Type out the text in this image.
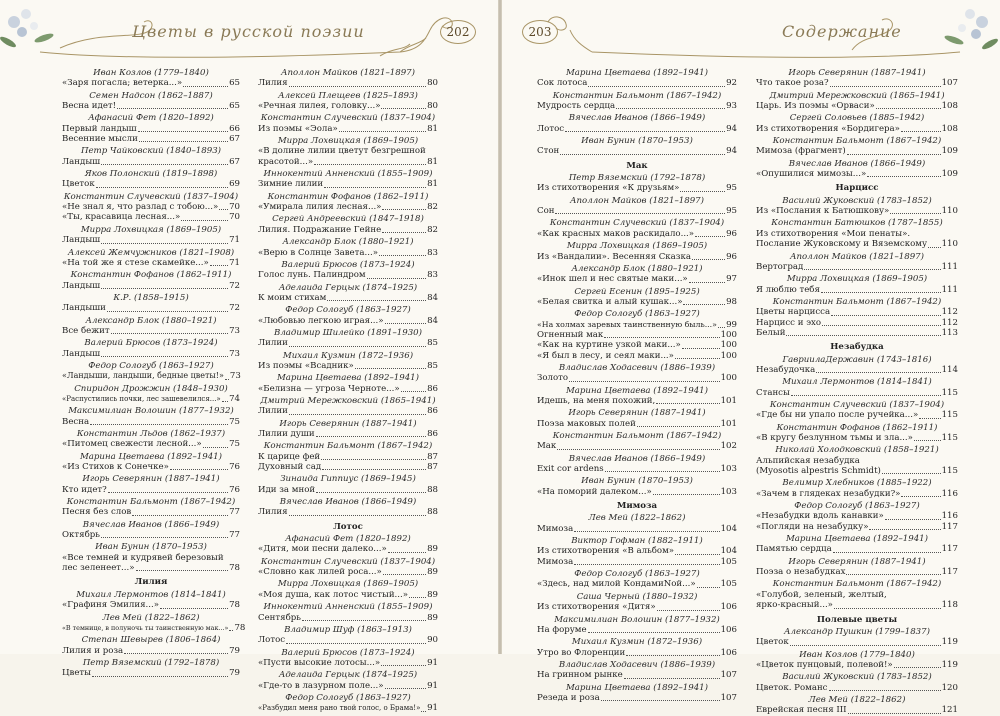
Цветы в русской поэзии	202
Иван Козлов (1779–1840)
«Заря погасла; ветерка...»	65
Семен Надсон (1862–1887)
Весна идет!	65
Афанасий Фет (1820–1892)
Первый ландыш	66
Весенние мысли	67
Петр Чайковский (1840–1893)
Ландыш	67
Яков Полонский (1819–1898)
Цветок	69
Константин Случевский (1837–1904)
«Не знал я, что разлад с тобою...» 70
«Ты, красавица лесная...»	70
Мирра Лохвицкая (1869–1905)
Ландыш	71
Алексей Жемчужников (1821–1908)
«На той же я стезе скамейке...» 71
Константин Фофанов (1862–1911)
Ландыш	72
К.Р. (1858–1915)
Ландыши	72
Александр Блок (1880–1921)
Все бежит	73
Валерий Брюсов (1873–1924)
Ландыш	73
Федор Сологуб (1863–1927)
«Ландыши, ландыши, бедные цветы!» 73
Спиридон Дрожжин (1848–1930)
«Распустились почки, лес зашевелился...» 74
Максимилиан Волошин (1877–1932)
Весна	75
Константин Льдов (1862–1937)
«Питомец свежести лесной...»	75
Марина Цветаева (1892–1941)
«Из Стихов к Сонечке»	76
Игорь Северянин (1887–1941)
Кто идет?	76
Константин Бальмонт (1867–1942)
Песня без слов	77
Вячеслав Иванов (1866–1949)
Октябрь	77
Иван Бунин (1870–1953)
«Все темней и кудрявей березовый
лес зеленеет...»	78
Лилия
Михаил Лермонтов (1814–1841)
«Графиня Эмилия...»	78
Лев Мей (1822–1862)
«В темнице, в полуночь ты таинственную мак...» 78
Степан Шевырев (1806–1864)
Лилия и роза	79
Петр Вяземский (1792–1878)
Цветы	79
Аполлон Майков (1821–1897)
Лилия	80
Алексей Плещеев (1825–1893)
«Речная лилея, головку...»	80
Константин Случевский (1837–1904)
Из поэмы «Эола»	81
Мирра Лохвицкая (1869–1905)
«В долине лилии цветут безгрешной
красотой...»	81
Иннокентий Анненский (1855–1909)
Зимние лилии	81
Константин Фофанов (1862–1911)
«Умирала лилия лесная...»	82
Сергей Андреевский (1847–1918)
Лилия. Подражание Гейне	82
Александр Блок (1880–1921)
«Верю в Солнце Завета...»	83
Валерий Брюсов (1873–1924)
Голос лунь. Палиндром	83
Аделаида Герцык (1874–1925)
К моим стихам	84
Федор Сологуб (1863–1927)
«Любовью легкою играя...»	84
Владимир Шилейко (1891–1930)
Лилии	85
Михаил Кузмин (1872–1936)
Из поэмы «Всадник»	85
Марина Цветаева (1892–1941)
«Белизна — угроза Черноте...»	86
Дмитрий Мережковский (1865–1941)
Лилии	86
Игорь Северянин (1887–1941)
Лилии души	86
Константин Бальмонт (1867–1942)
К царице фей	87
Духовный сад	87
Зинаида Гиппиус (1869–1945)
Иди за мной	88
Вячеслав Иванов (1866–1949)
Лилия	88
Лотос
Афанасий Фет (1820–1892)
«Дитя, мои песни далеко...»	89
Константин Случевский (1837–1904)
«Словно как лилей роса...»	89
Мирра Лохвицкая (1869–1905)
«Моя душа, как лотос чистый...» 89
Иннокентий Анненский (1855–1909)
Сентябрь	89
Владимир Шуф (1863–1913)
Лотос	90
Валерий Брюсов (1873–1924)
«Пусти высокие лотосы...»	91
Аделаида Герцык (1874–1925)
«Где-то в лазурном поле...»	91
Федор Сологуб (1863–1927)
«Разбудил меня рано твой голос, о Брама!» 91
203	Содержание
Марина Цветаева (1892–1941)
Сок лотоса	92
Константин Бальмонт (1867–1942)
Мудрость сердца	93
Вячеслав Иванов (1866–1949)
Лотос	94
Иван Бунин (1870–1953)
Стон	94
Мак
Петр Вяземский (1792–1878)
Из стихотворения «К друзьям»	95
Аполлон Майков (1821–1897)
Сон	95
Константин Случевский (1837–1904)
«Как красных маков раскидало...»	96
Мирра Лохвицкая (1869–1905)
Из «Вандалии». Весенняя Сказка	96
Александр Блок (1880–1921)
«Инок шел и нес святые маки...»	97
Сергей Есенин (1895–1925)
«Белая свитка и алый кушак...»	98
Федор Сологуб (1863–1927)
«На холмах заревых таинственную быль...» 99
Огненный мак	100
«Как на куртине узкой маки...»	100
«Я был в лесу, и сеял маки...»	100
Владислав Ходасевич (1886–1939)
Золото	100
Марина Цветаева (1892–1941)
Идешь, на меня похожий,	101
Игорь Северянин (1887–1941)
Поэза маковых полей	101
Константин Бальмонт (1867–1942)
Мак	102
Вячеслав Иванов (1866–1949)
Exit cor ardens	103
Иван Бунин (1870–1953)
«На поморий далеком...»	103
Мимоза
Лев Мей (1822–1862)
Мимоза	104
Виктор Гофман (1882–1911)
Из стихотворения «В альбом»	104
Мимоза	105
Федор Сологуб (1863–1927)
«Здесь, над милой КондамиNой...»	105
Саша Черный (1880–1932)
Из стихотворения «Дитя»	106
Максимилиан Волошин (1877–1932)
На форуме	106
Михаил Кузмин (1872–1936)
Утро во Флоренции	106
Владислав Ходасевич (1886–1939)
На гринном рынке	107
Марина Цветаева (1892–1941)
Резеда и роза	107
Игорь Северянин (1887–1941)
Что такое роза?	107
Дмитрий Мережковский (1865–1941)
Царь. Из поэмы «Орваси»	108
Сергей Соловьев (1885–1942)
Из стихотворения «Бордигера»	108
Константин Бальмонт (1867–1942)
Мимоза (фрагмент)	109
Вячеслав Иванов (1866–1949)
«Опушилися мимозы...»	109
Нарцисс
Василий Жуковский (1783–1852)
Из «Послания к Батюшкову»	110
Константин Батюшков (1787–1855)
Из стихотворения «Мои пенаты».
Послание Жуковскому и Вяземскому 110
Аполлон Майков (1821–1897)
Вертоград	111
Мирра Лохвицкая (1869–1905)
Я люблю тебя	111
Константин Бальмонт (1867–1942)
Цветы нарцисса	112
Нарцисс и эхо	112
Белый	113
Незабудка
ГавриилаДержавин (1743–1816)
Незабудочка	114
Михаил Лермонтов (1814–1841)
Стансы	115
Константин Случевский (1837–1904)
«Где бы ни упало после ручейка...»	115
Константин Фофанов (1862–1911)
«В кругу безлунном тьмы и зла...»	115
Николай Холодковский (1858–1921)
Альпийская незабудка
(Myosotis alpestris Schmidt)	115
Велимир Хлебников (1885–1922)
«Зачем в глядеках незабудки?»	116
Федор Сологуб (1863–1927)
«Незабудки вдоль канавки»	116
«Погляди на незабудку»	117
Марина Цветаева (1892–1941)
Памятью сердца	117
Игорь Северянин (1887–1941)
Поэза о незабудках	117
Константин Бальмонт (1867–1942)
«Голубой, зеленый, желтый,
ярко-красный...»	118
Полевые цветы
Александр Пушкин (1799–1837)
Цветок	119
Иван Козлов (1779–1840)
«Цветок пунцовый, полевой!»	119
Василий Жуковский (1783–1852)
Цветок. Романс	120
Лев Мей (1822–1862)
Еврейская песня III	121
